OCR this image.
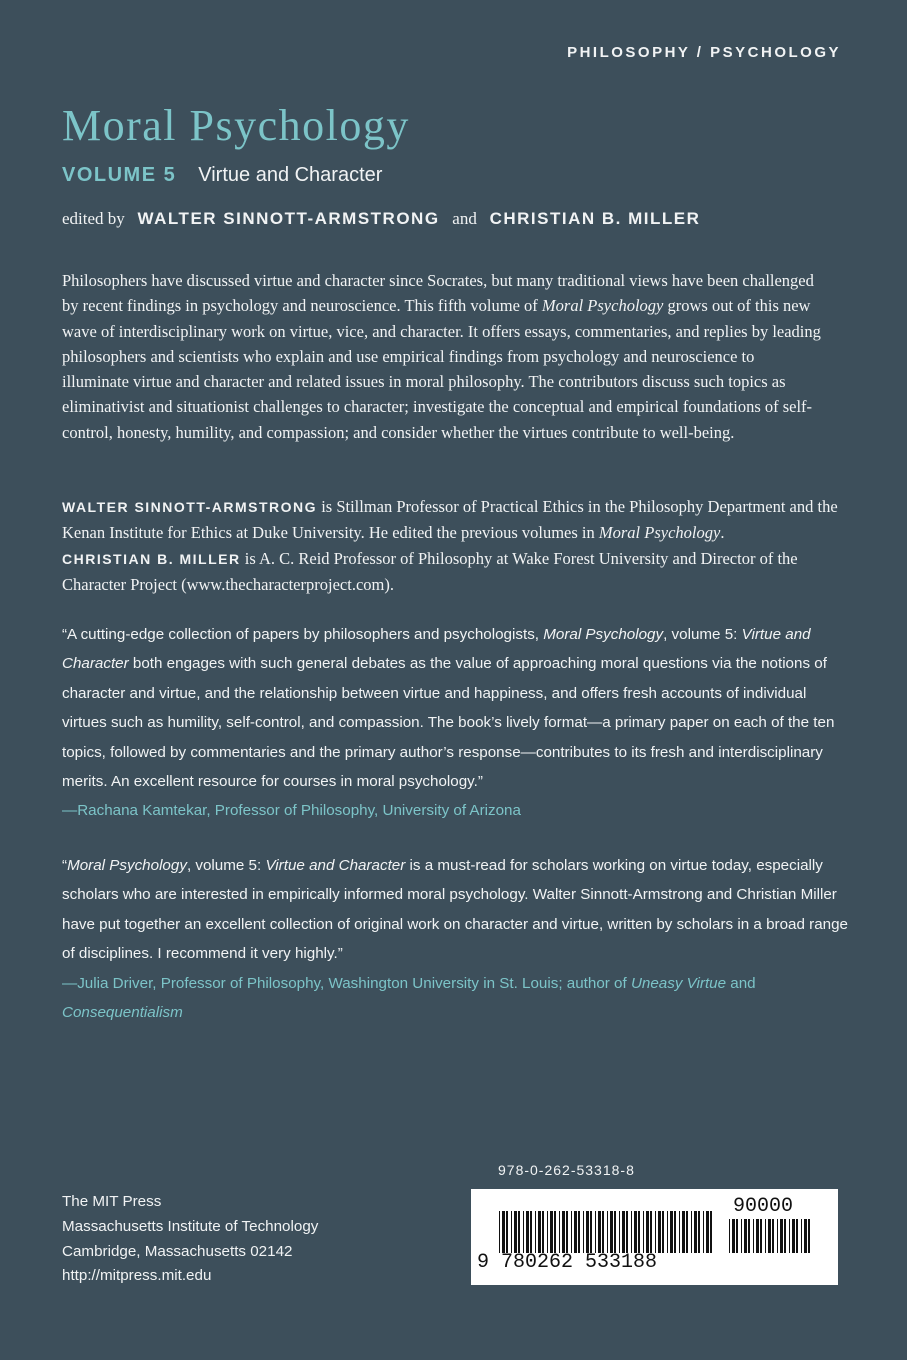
PHILOSOPHY / PSYCHOLOGY
Moral Psychology
VOLUME 5 Virtue and Character
edited by WALTER SINNOTT-ARMSTRONG and CHRISTIAN B. MILLER

Philosophers have discussed virtue and character since Socrates, but many traditional views have been challenged by recent findings in psychology and neuroscience. This fifth volume of Moral Psychology grows out of this new wave of interdisciplinary work on virtue, vice, and character. It offers essays, commentaries, and replies by leading philosophers and scientists who explain and use empirical findings from psychology and neuroscience to illuminate virtue and character and related issues in moral philosophy. The contributors discuss such topics as eliminativist and situationist challenges to character; investigate the conceptual and empirical foundations of self-control, honesty, humility, and compassion; and consider whether the virtues contribute to well-being.

WALTER SINNOTT-ARMSTRONG is Stillman Professor of Practical Ethics in the Philosophy Department and the Kenan Institute for Ethics at Duke University. He edited the previous volumes in Moral Psychology.
CHRISTIAN B. MILLER is A. C. Reid Professor of Philosophy at Wake Forest University and Director of the Character Project (www.thecharacterproject.com).

“A cutting-edge collection of papers by philosophers and psychologists, Moral Psychology, volume 5: Virtue and Character both engages with such general debates as the value of approaching moral questions via the notions of character and virtue, and the relationship between virtue and happiness, and offers fresh accounts of individual virtues such as humility, self-control, and compassion. The book’s lively format—a primary paper on each of the ten topics, followed by commentaries and the primary author’s response—contributes to its fresh and interdisciplinary merits. An excellent resource for courses in moral psychology.”
—Rachana Kamtekar, Professor of Philosophy, University of Arizona
“Moral Psychology, volume 5: Virtue and Character is a must-read for scholars working on virtue today, especially scholars who are interested in empirically informed moral psychology. Walter Sinnott-Armstrong and Christian Miller have put together an excellent collection of original work on character and virtue, written by scholars in a broad range of disciplines. I recommend it very highly.”
—Julia Driver, Professor of Philosophy, Washington University in St. Louis; author of Uneasy Virtue and
Consequentialism
The MIT Press
Massachusetts Institute of Technology
Cambridge, Massachusetts 02142
http://mitpress.mit.edu
978-0-262-53318-8
9 780262 533188
90000
